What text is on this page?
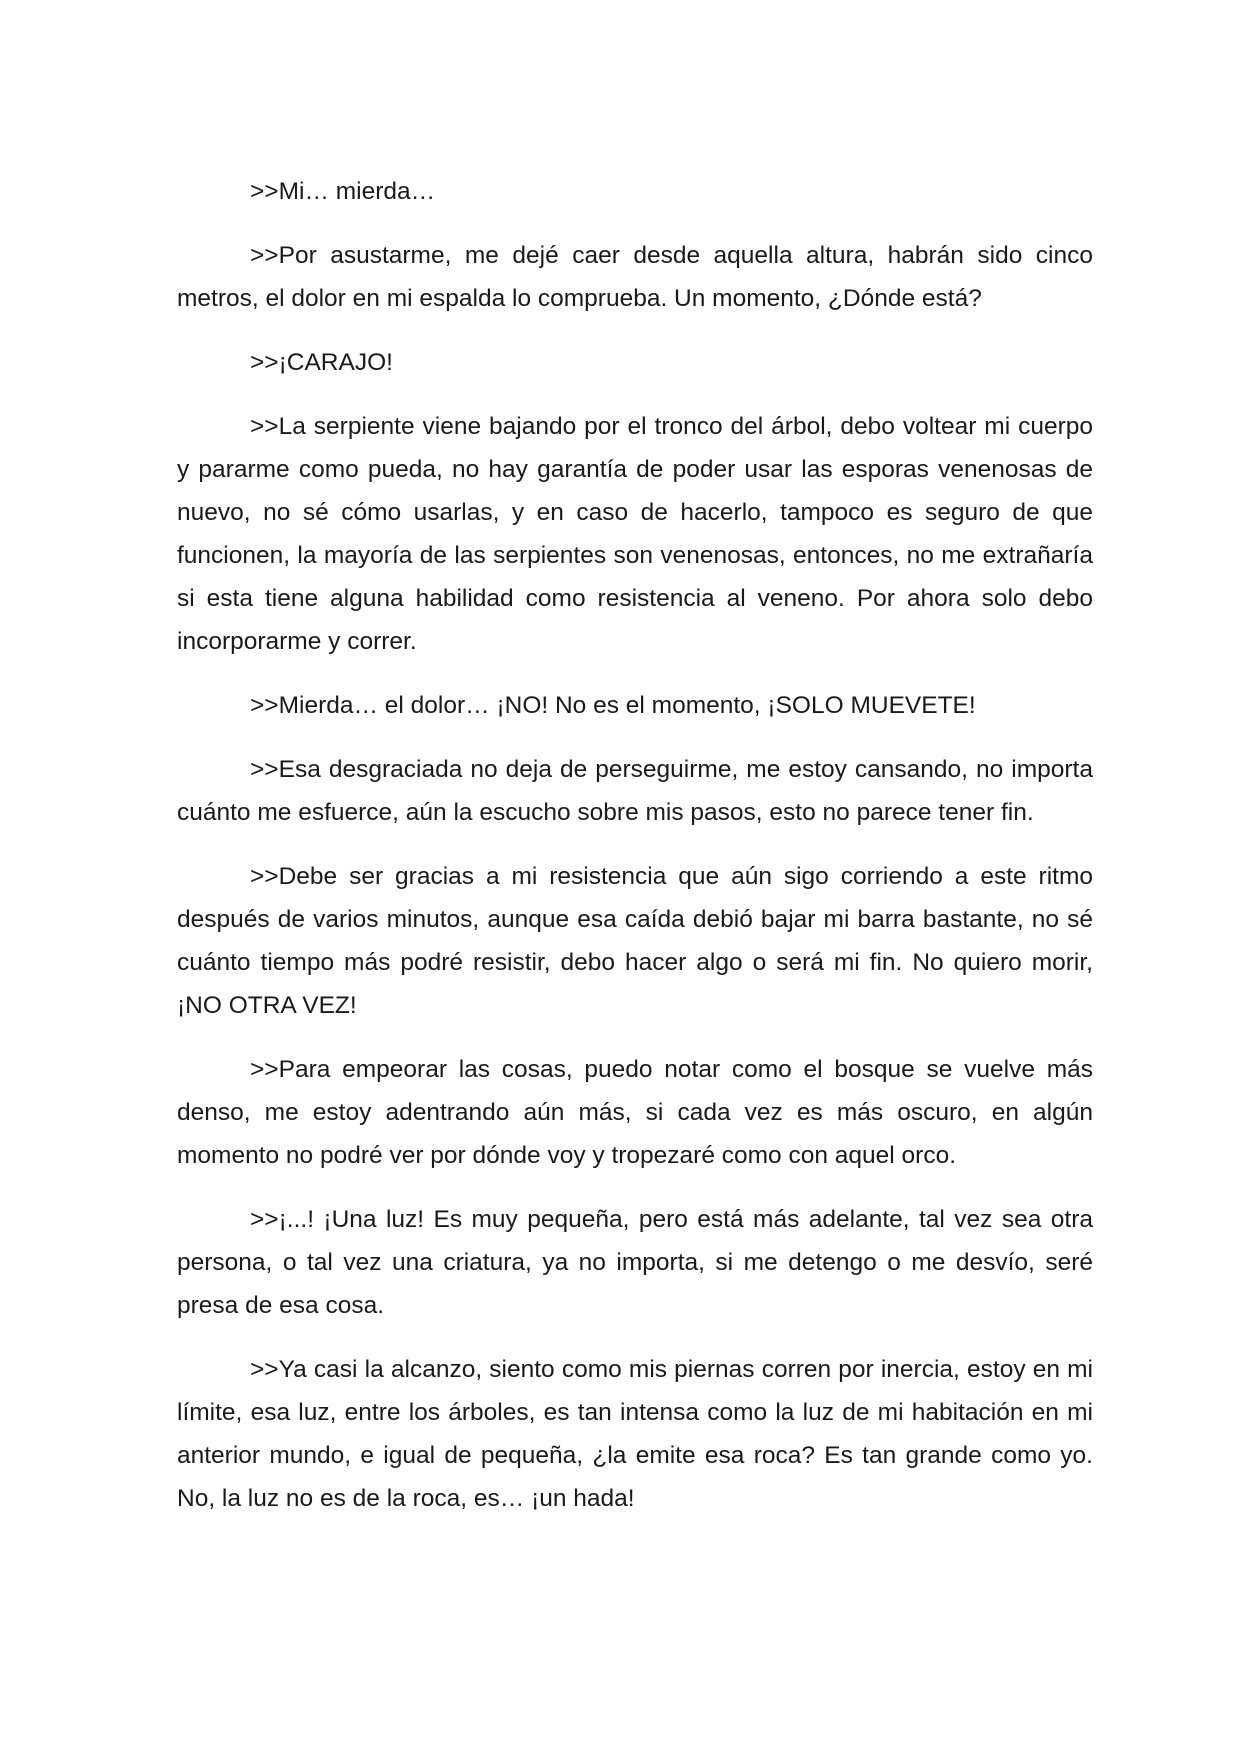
>>Mi… mierda…

>>Por asustarme, me dejé caer desde aquella altura, habrán sido cinco metros, el dolor en mi espalda lo comprueba. Un momento, ¿Dónde está?

>>¡CARAJO!

>>La serpiente viene bajando por el tronco del árbol, debo voltear mi cuerpo y pararme como pueda, no hay garantía de poder usar las esporas venenosas de nuevo, no sé cómo usarlas, y en caso de hacerlo, tampoco es seguro de que funcionen, la mayoría de las serpientes son venenosas, entonces, no me extrañaría si esta tiene alguna habilidad como resistencia al veneno. Por ahora solo debo incorporarme y correr.

>>Mierda… el dolor… ¡NO! No es el momento, ¡SOLO MUEVETE!

>>Esa desgraciada no deja de perseguirme, me estoy cansando, no importa cuánto me esfuerce, aún la escucho sobre mis pasos, esto no parece tener fin.

>>Debe ser gracias a mi resistencia que aún sigo corriendo a este ritmo después de varios minutos, aunque esa caída debió bajar mi barra bastante, no sé cuánto tiempo más podré resistir, debo hacer algo o será mi fin. No quiero morir, ¡NO OTRA VEZ!

>>Para empeorar las cosas, puedo notar como el bosque se vuelve más denso, me estoy adentrando aún más, si cada vez es más oscuro, en algún momento no podré ver por dónde voy y tropezaré como con aquel orco.

>>¡...! ¡Una luz! Es muy pequeña, pero está más adelante, tal vez sea otra persona, o tal vez una criatura, ya no importa, si me detengo o me desvío, seré presa de esa cosa.

>>Ya casi la alcanzo, siento como mis piernas corren por inercia, estoy en mi límite, esa luz, entre los árboles, es tan intensa como la luz de mi habitación en mi anterior mundo, e igual de pequeña, ¿la emite esa roca? Es tan grande como yo. No, la luz no es de la roca, es… ¡un hada!
